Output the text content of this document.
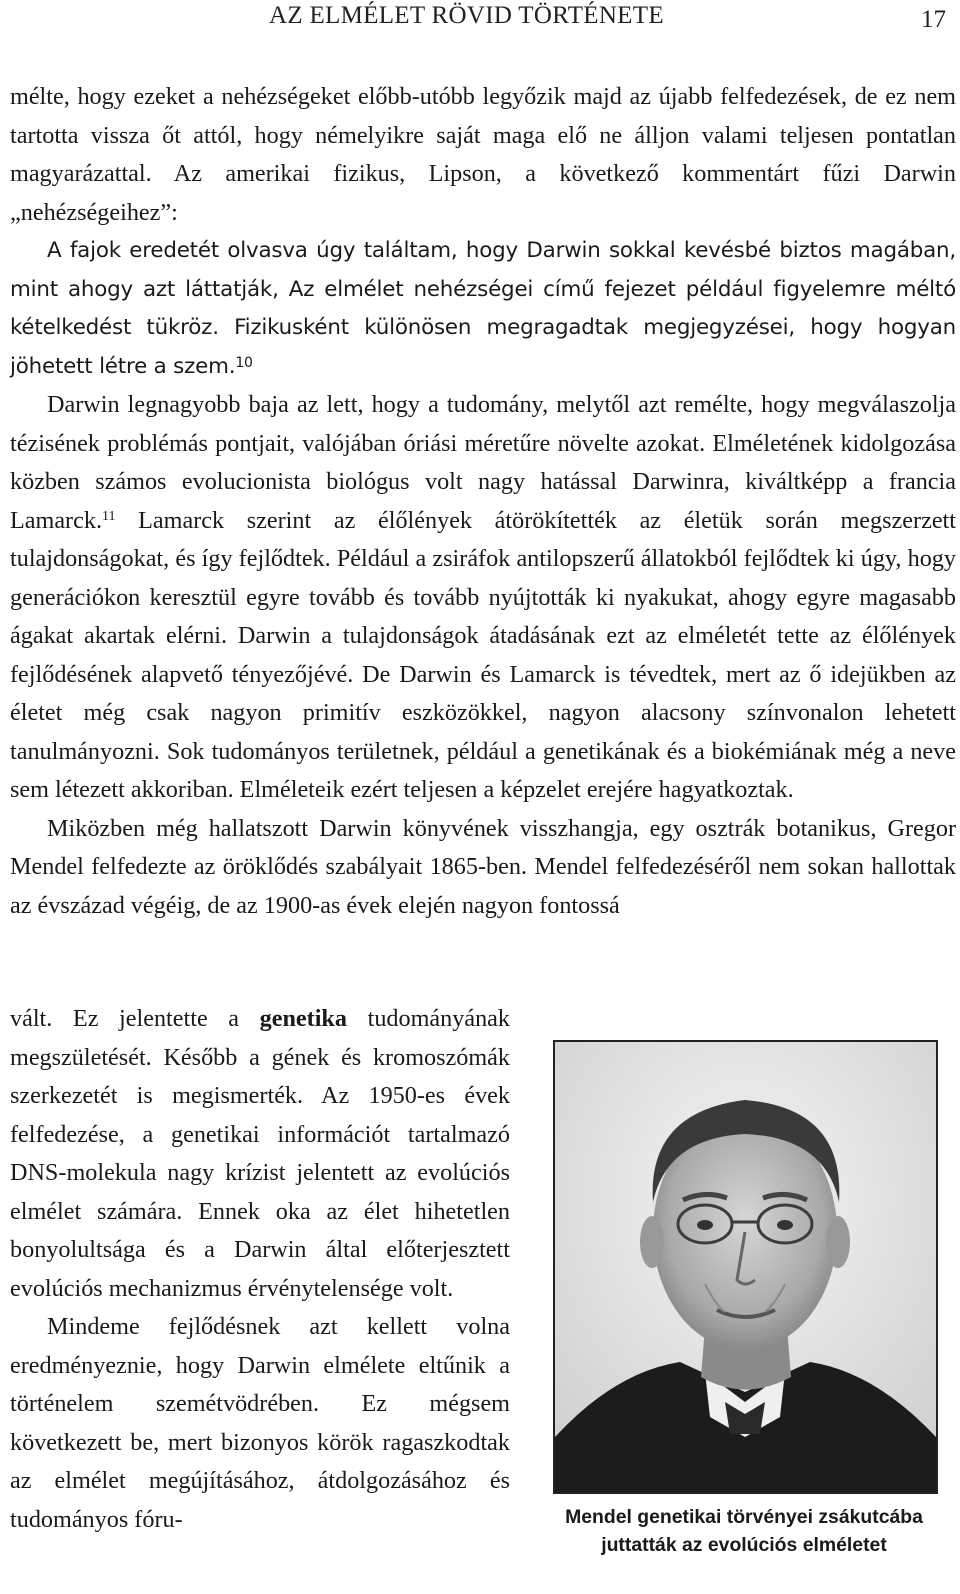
AZ ELMÉLET RÖVID TÖRTÉNETE	17

mélte, hogy ezeket a nehézségeket előbb-utóbb legyőzik majd az újabb felfedezések, de ez nem tartotta vissza őt attól, hogy némelyikre saját maga elő ne álljon valami teljesen pontatlan magyarázattal. Az amerikai fizikus, Lipson, a következő kommentárt fűzi Darwin „nehézségeihez”:

A fajok eredetét olvasva úgy találtam, hogy Darwin sokkal kevésbé biztos magában, mint ahogy azt láttatják, Az elmélet nehézségei című fejezet például figyelemre méltó kételkedést tükröz. Fizikusként különösen megragadtak megjegyzései, hogy hogyan jöhetett létre a szem.$^{10}$

Darwin legnagyobb baja az lett, hogy a tudomány, melytől azt remélte, hogy megválaszolja tézisének problémás pontjait, valójában óriási méretűre növelte azokat. Elméletének kidolgozása közben számos evolucionista biológus volt nagy hatással Darwinra, kiváltképp a francia Lamarck.$^{11}$ Lamarck szerint az élőlények átörökítették az életük során megszerzett tulajdonságokat, és így fejlődtek. Például a zsiráfok antilopszerű állatokból fejlődtek ki úgy, hogy generációkon keresztül egyre tovább és tovább nyújtották ki nyakukat, ahogy egyre magasabb ágakat akartak elérni. Darwin a tulajdonságok átadásának ezt az elméletét tette az élőlények fejlődésének alapvető tényezőjévé. De Darwin és Lamarck is tévedtek, mert az ő idejükben az életet még csak nagyon primitív eszközökkel, nagyon alacsony színvonalon lehetett tanulmányozni. Sok tudományos területnek, például a genetikának és a biokémiának még a neve sem létezett akkoriban. Elméleteik ezért teljesen a képzelet erejére hagyatkoztak.

Miközben még hallatszott Darwin könyvének visszhangja, egy osztrák botanikus, Gregor Mendel felfedezte az öröklődés szabályait 1865-ben. Mendel felfedezéséről nem sokan hallottak az évszázad végéig, de az 1900-as évek elején nagyon fontossá

vált. Ez jelentette a genetika tudományának megszületését. Később a gének és kromoszómák szerkezetét is megismerték. Az 1950-es évek felfedezése, a genetikai információt tartalmazó DNS-molekula nagy krízist jelentett az evolúciós elmélet számára. Ennek oka az élet hihetetlen bonyolultsága és a Darwin által előterjesztett evolúciós mechanizmus érvénytelensége volt.

Mindeme fejlődésnek azt kellett volna eredményeznie, hogy Darwin elmélete eltűnik a történelem szemétvödrében. Ez mégsem következett be, mert bizonyos körök ragaszkodtak az elmélet megújításához, átdolgozásához és tudományos fóru-	Mendel genetikai törvényei zsákutcába juttatták az evolúciós elméletet
